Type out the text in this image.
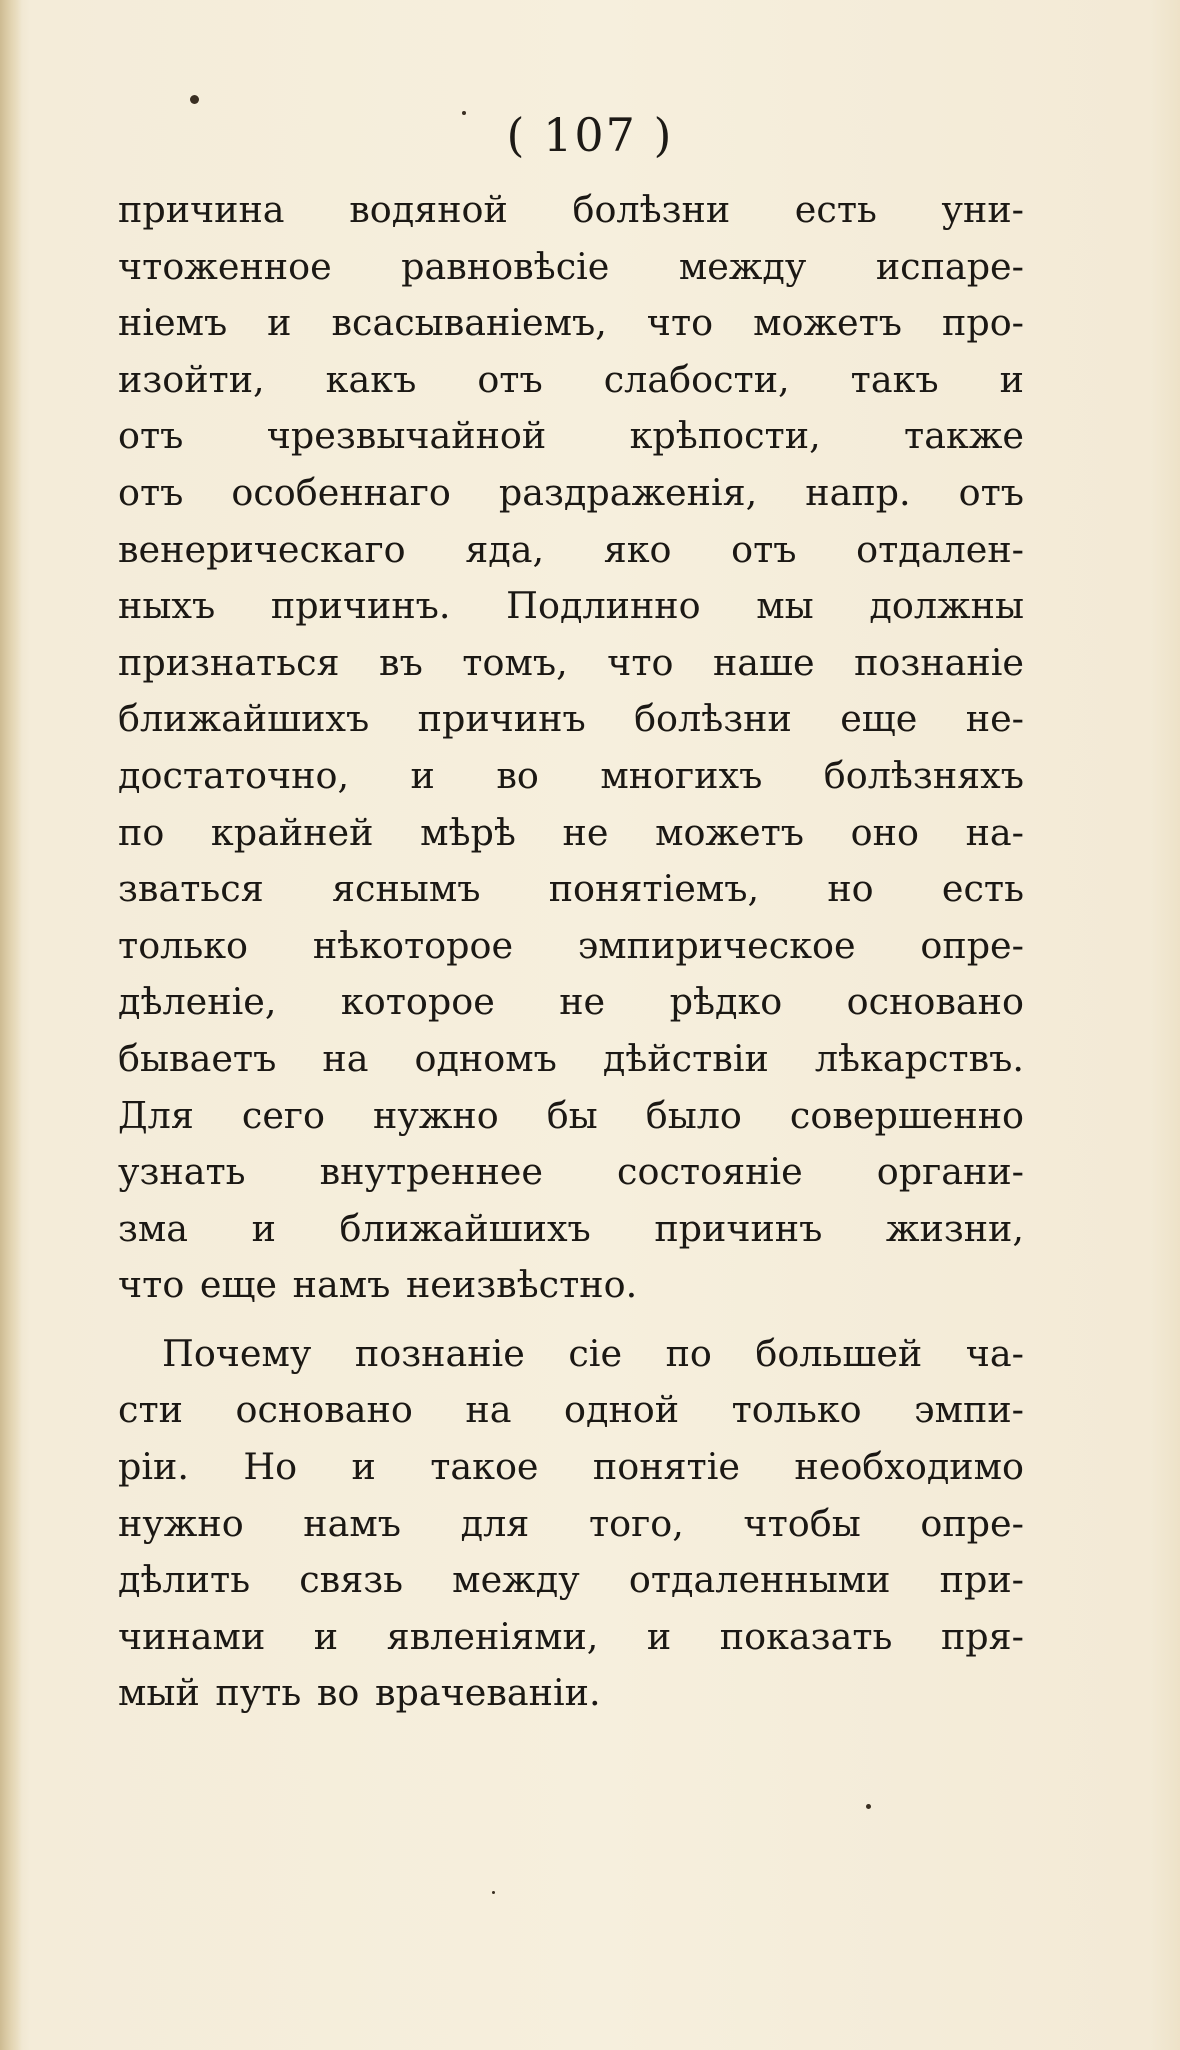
( 107 )
причина водяной болѣзни есть уни-
чтоженное равновѣсіе между испаре-
ніемъ и всасываніемъ, что можетъ про-
изойти, какъ отъ слабости, такъ и
отъ чрезвычайной крѣпости, также
отъ особеннаго раздраженія, напр. отъ
венерическаго яда, яко отъ отдален-
ныхъ причинъ. Подлинно мы должны
признаться въ томъ, что наше познаніе
ближайшихъ причинъ болѣзни еще не-
достаточно, и во многихъ болѣзняхъ
по крайней мѣрѣ не можетъ оно на-
зваться яснымъ понятіемъ, но есть
только нѣкоторое эмпирическое опре-
дѣленіе, которое не рѣдко основано
бываетъ на одномъ дѣйствіи лѣкарствъ.
Для сего нужно бы было совершенно
узнать внутреннее состояніе органи-
зма и ближайшихъ причинъ жизни,
что еще намъ неизвѣстно.
Почему познаніе сіе по большей ча-
сти основано на одной только эмпи-
ріи. Но и такое понятіе необходимо
нужно намъ для того, чтобы опре-
дѣлить связь между отдаленными при-
чинами и явленіями, и показать пря-
мый путь во врачеваніи.
